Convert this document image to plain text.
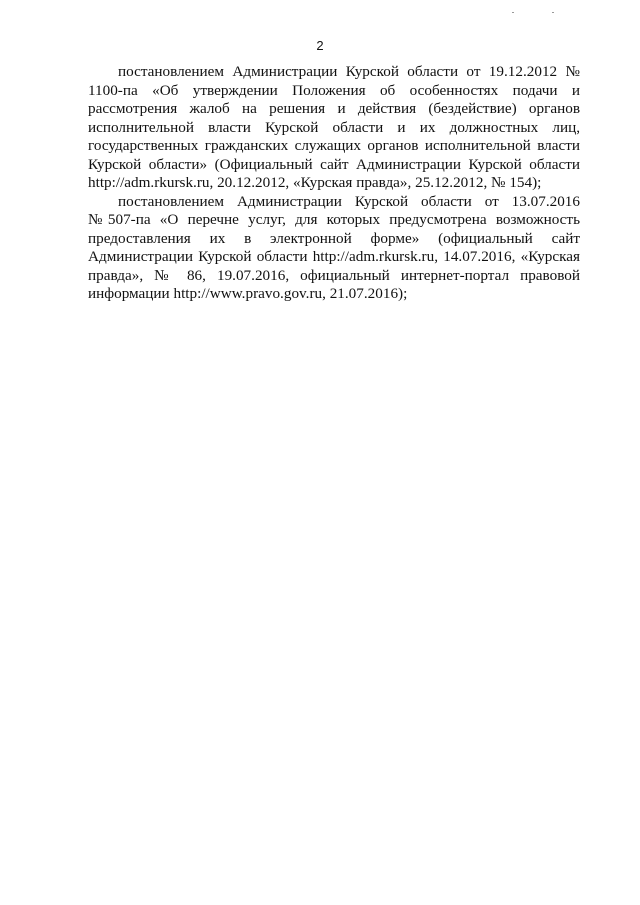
2

постановлением Администрации Курской области от 19.12.2012 № 1100-па «Об утверждении Положения об особенностях подачи и рассмотрения жалоб на решения и действия (бездействие) органов исполнительной власти Курской области и их должностных лиц, государственных гражданских служащих органов исполнительной власти Курской области» (Официальный сайт Администрации Курской области http://adm.rkursk.ru, 20.12.2012, «Курская правда», 25.12.2012, № 154);

постановлением Администрации Курской области от 13.07.2016 №507-па «О перечне услуг, для которых предусмотрена возможность предоставления их в электронной форме» (официальный сайт Администрации Курской области http://adm.rkursk.ru, 14.07.2016, «Курская правда», № 86, 19.07.2016, официальный интернет-портал правовой информации http://www.pravo.gov.ru, 21.07.2016);
